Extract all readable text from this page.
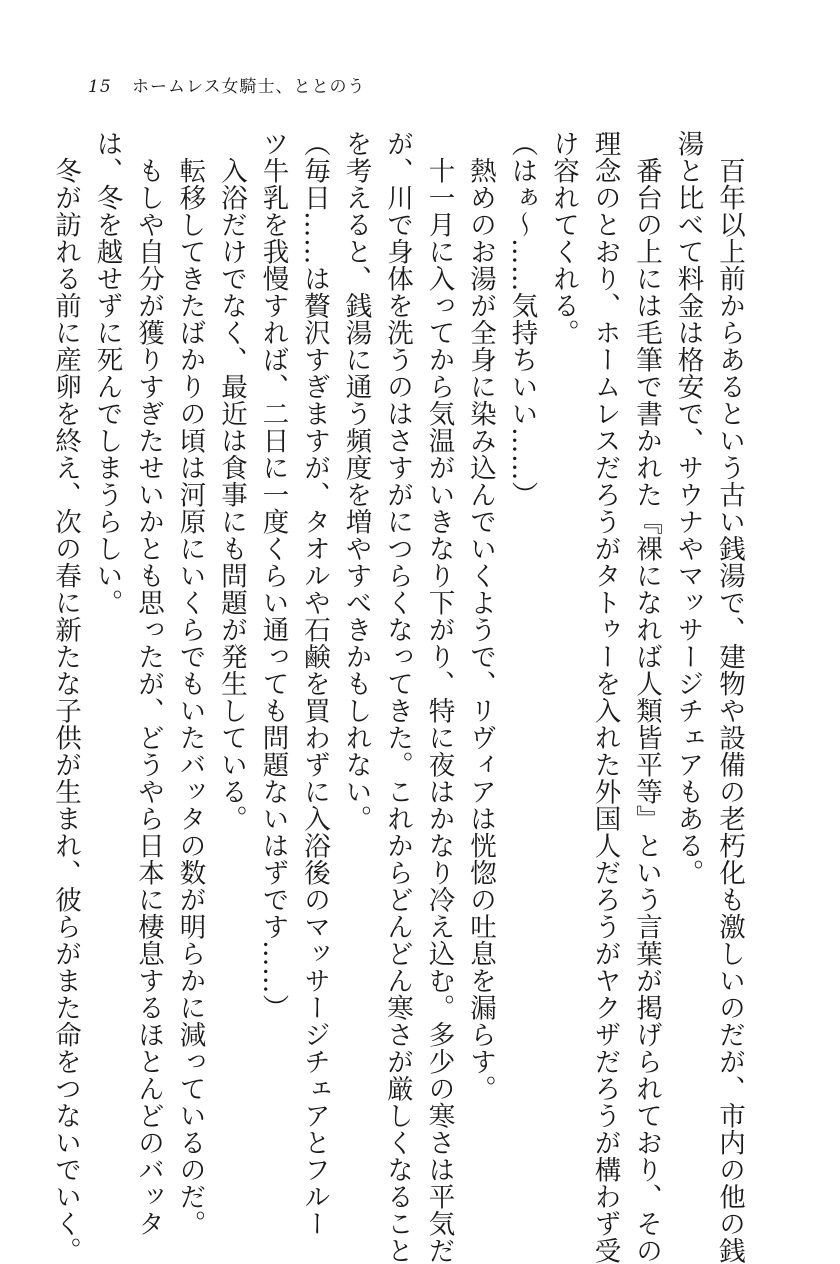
15 ホームレス女騎士、ととのう

　百年以上前からあるという古い銭湯で、建物や設備の老朽化も激しいのだが、市内の他の銭

湯と比べて料金は格安で、サウナやマッサージチェアもある。

　番台の上には毛筆で書かれた『裸になれば人類皆平等』という言葉が掲げられており、その

理念のとおり、ホームレスだろうがタトゥーを入れた外国人だろうがヤクザだろうが構わず受

け容れてくれる。

（はぁ〜……気持ちいい……）

　熱めのお湯が全身に染み込んでいくようで、リヴィアは恍惚の吐息を漏らす。

　十一月に入ってから気温がいきなり下がり、特に夜はかなり冷え込む。多少の寒さは平気だ

が、川で身体を洗うのはさすがにつらくなってきた。これからどんどん寒さが厳しくなること

を考えると、銭湯に通う頻度を増やすべきかもしれない。

（毎日……は贅沢すぎますが、タオルや石鹸を買わずに入浴後のマッサージチェアとフルー

ツ牛乳を我慢すれば、二日に一度くらい通っても問題ないはずです……）

　入浴だけでなく、最近は食事にも問題が発生している。

　転移してきたばかりの頃は河原にいくらでもいたバッタの数が明らかに減っているのだ。

　もしや自分が獲りすぎたせいかとも思ったが、どうやら日本に棲息するほとんどのバッタ

は、冬を越せずに死んでしまうらしい。

　冬が訪れる前に産卵を終え、次の春に新たな子供が生まれ、彼らがまた命をつないでいく。
